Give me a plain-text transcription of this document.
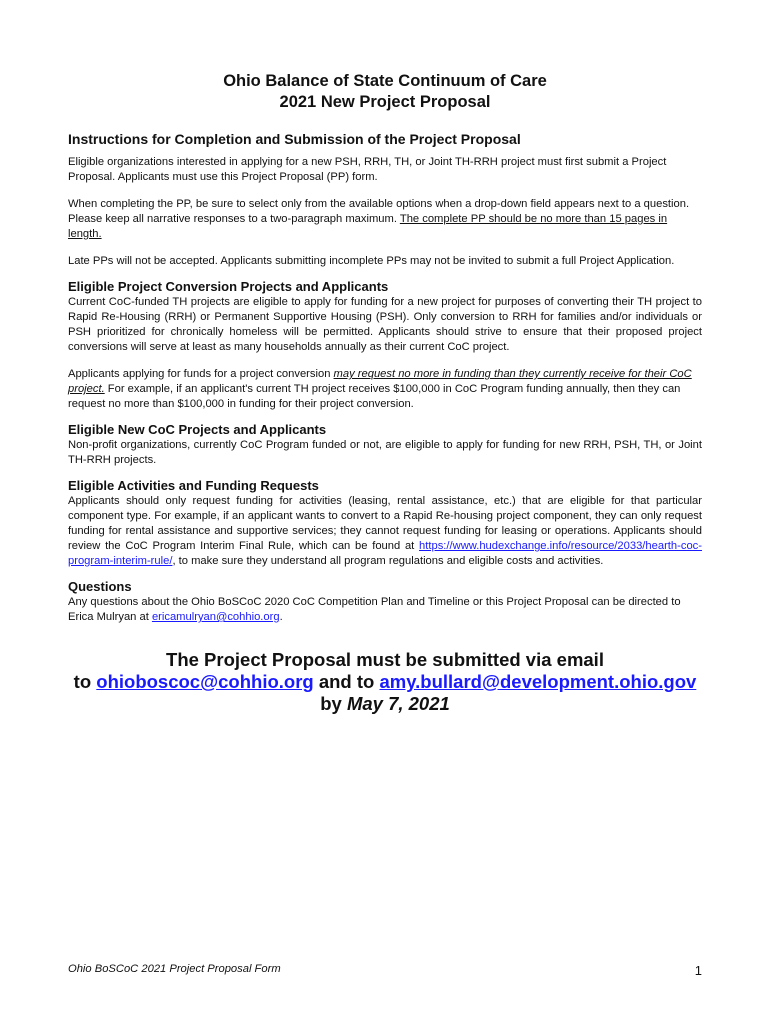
Ohio Balance of State Continuum of Care

2021 New Project Proposal

Instructions for Completion and Submission of the Project Proposal

Eligible organizations interested in applying for a new PSH, RRH, TH, or Joint TH-RRH project must first submit a Project Proposal. Applicants must use this Project Proposal (PP) form.

When completing the PP, be sure to select only from the available options when a drop-down field appears next to a question. Please keep all narrative responses to a two-paragraph maximum. The complete PP should be no more than 15 pages in length.

Late PPs will not be accepted. Applicants submitting incomplete PPs may not be invited to submit a full Project Application.

Eligible Project Conversion Projects and Applicants

Current CoC-funded TH projects are eligible to apply for funding for a new project for purposes of converting their TH project to Rapid Re-Housing (RRH) or Permanent Supportive Housing (PSH). Only conversion to RRH for families and/or individuals or PSH prioritized for chronically homeless will be permitted. Applicants should strive to ensure that their proposed project conversions will serve at least as many households annually as their current CoC project.

Applicants applying for funds for a project conversion may request no more in funding than they currently receive for their CoC project. For example, if an applicant's current TH project receives $100,000 in CoC Program funding annually, then they can request no more than $100,000 in funding for their project conversion.

Eligible New CoC Projects and Applicants

Non-profit organizations, currently CoC Program funded or not, are eligible to apply for funding for new RRH, PSH, TH, or Joint TH-RRH projects.

Eligible Activities and Funding Requests

Applicants should only request funding for activities (leasing, rental assistance, etc.) that are eligible for that particular component type. For example, if an applicant wants to convert to a Rapid Re-housing project component, they can only request funding for rental assistance and supportive services; they cannot request funding for leasing or operations. Applicants should review the CoC Program Interim Final Rule, which can be found at https://www.hudexchange.info/resource/2033/hearth-coc-program-interim-rule/, to make sure they understand all program regulations and eligible costs and activities.

Questions

Any questions about the Ohio BoSCoC 2020 CoC Competition Plan and Timeline or this Project Proposal can be directed to Erica Mulryan at ericamulryan@cohhio.org.

The Project Proposal must be submitted via email
to ohioboscoc@cohhio.org and to amy.bullard@development.ohio.gov
by May 7, 2021
Ohio BoSCoC 2021 Project Proposal Form	1
